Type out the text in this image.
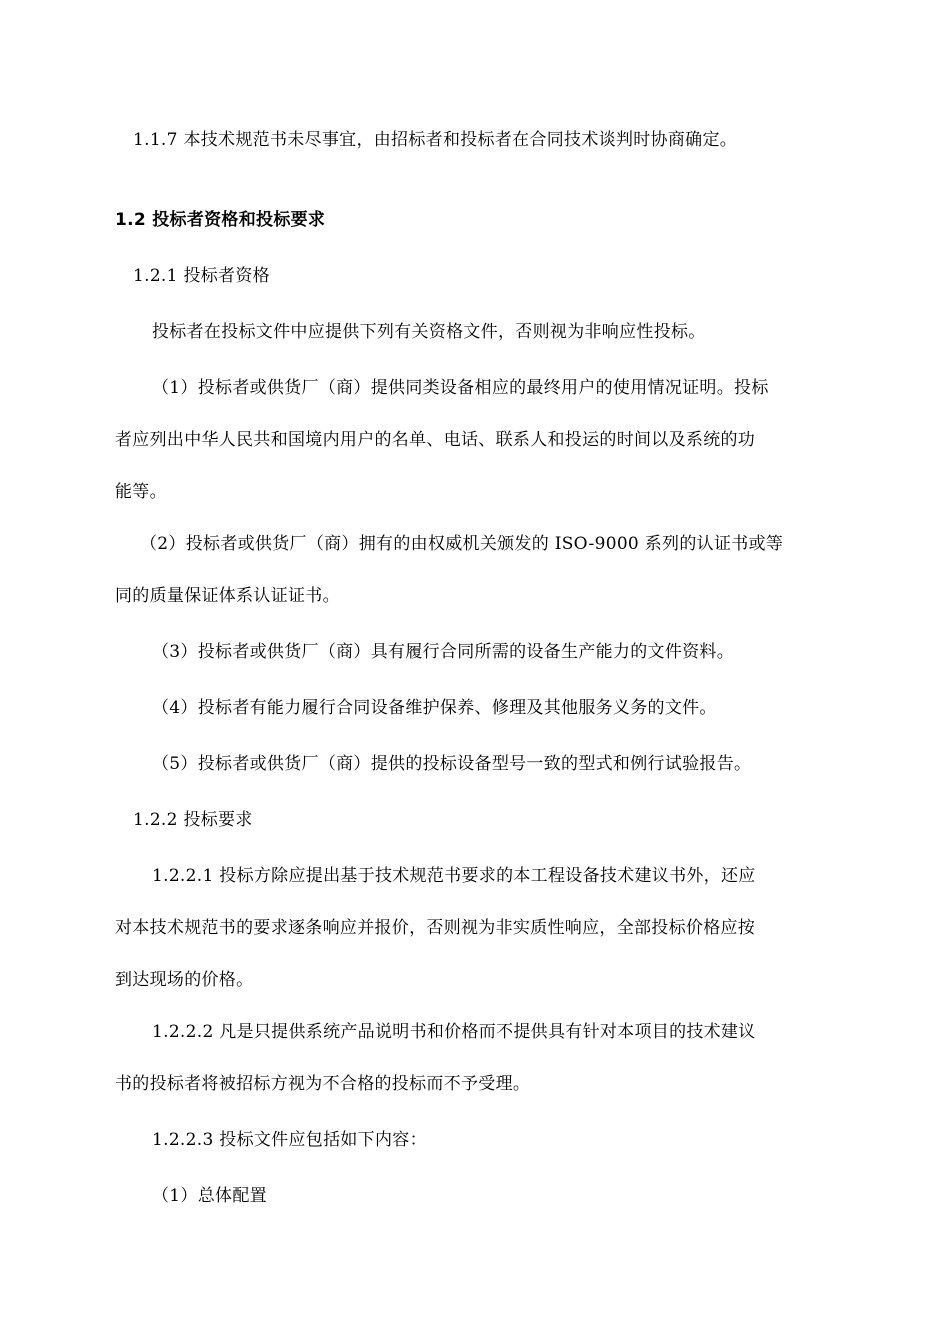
1.1.7 本技术规范书未尽事宜，由招标者和投标者在合同技术谈判时协商确定。
1.2 投标者资格和投标要求
1.2.1 投标者资格
投标者在投标文件中应提供下列有关资格文件，否则视为非响应性投标。
（1）投标者或供货厂（商）提供同类设备相应的最终用户的使用情况证明。投标
者应列出中华人民共和国境内用户的名单、电话、联系人和投运的时间以及系统的功
能等。
（2）投标者或供货厂（商）拥有的由权威机关颁发的 ISO-9000 系列的认证书或等
同的质量保证体系认证证书。
（3）投标者或供货厂（商）具有履行合同所需的设备生产能力的文件资料。
（4）投标者有能力履行合同设备维护保养、修理及其他服务义务的文件。
（5）投标者或供货厂（商）提供的投标设备型号一致的型式和例行试验报告。
1.2.2 投标要求
1.2.2.1 投标方除应提出基于技术规范书要求的本工程设备技术建议书外，还应
对本技术规范书的要求逐条响应并报价，否则视为非实质性响应，全部投标价格应按
到达现场的价格。
1.2.2.2 凡是只提供系统产品说明书和价格而不提供具有针对本项目的技术建议
书的投标者将被招标方视为不合格的投标而不予受理。
1.2.2.3 投标文件应包括如下内容：
（1）总体配置
